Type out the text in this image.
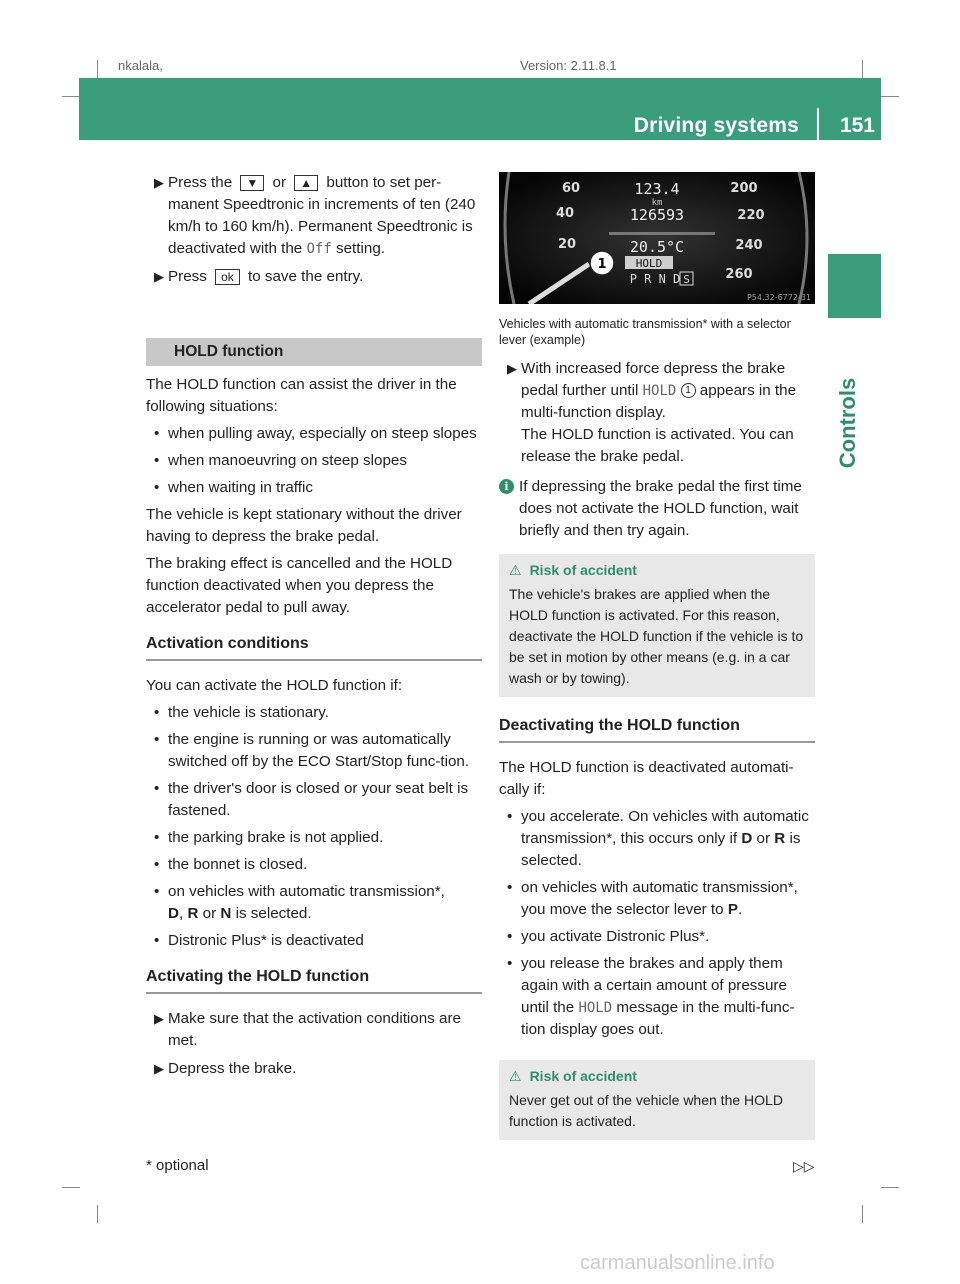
nkalala,	Version: 2.11.8.1
Driving systems 151
Controls

▶ Press the ▼ or ▲ button to set per-manent Speedtronic in increments of ten (240 km/h to 160 km/h). Permanent Speedtronic is deactivated with the Off setting.

▶ Press ok to save the entry.

HOLD function

The HOLD function can assist the driver in the following situations:

• when pulling away, especially on steep slopes

• when manoeuvring on steep slopes

• when waiting in traffic

The vehicle is kept stationary without the driver having to depress the brake pedal.

The braking effect is cancelled and the HOLD function deactivated when you depress the accelerator pedal to pull away.

Activation conditions

You can activate the HOLD function if:

• the vehicle is stationary.

• the engine is running or was automatically switched off by the ECO Start/Stop func-tion.

• the driver's door is closed or your seat belt is fastened.

• the parking brake is not applied.

• the bonnet is closed.

• on vehicles with automatic transmission*,
D, R or N is selected.

• Distronic Plus* is deactivated

Activating the HOLD function

▶ Make sure that the activation conditions are met.

▶ Depress the brake.

1
60
40
20
200
220
240
260
123.4
km
126593
20.5°C
HOLD
P R N D S
P54.32-6772-31

Vehicles with automatic transmission* with a selector lever (example)

▶ With increased force depress the brake pedal further until HOLD 1 appears in the multi-function display.
The HOLD function is activated. You can release the brake pedal.

i If depressing the brake pedal the first time does not activate the HOLD function, wait briefly and then try again.

⚠ Risk of accident
The vehicle's brakes are applied when the HOLD function is activated. For this reason, deactivate the HOLD function if the vehicle is to be set in motion by other means (e.g. in a car wash or by towing).
Deactivating the HOLD function

The HOLD function is deactivated automati-cally if:

• you accelerate. On vehicles with automatic transmission*, this occurs only if D or R is selected.

• on vehicles with automatic transmission*, you move the selector lever to P.

• you activate Distronic Plus*.

• you release the brakes and apply them again with a certain amount of pressure until the HOLD message in the multi-func-tion display goes out.

⚠ Risk of accident
Never get out of the vehicle when the HOLD function is activated.
* optional	▷▷
carmanualsonline.info
